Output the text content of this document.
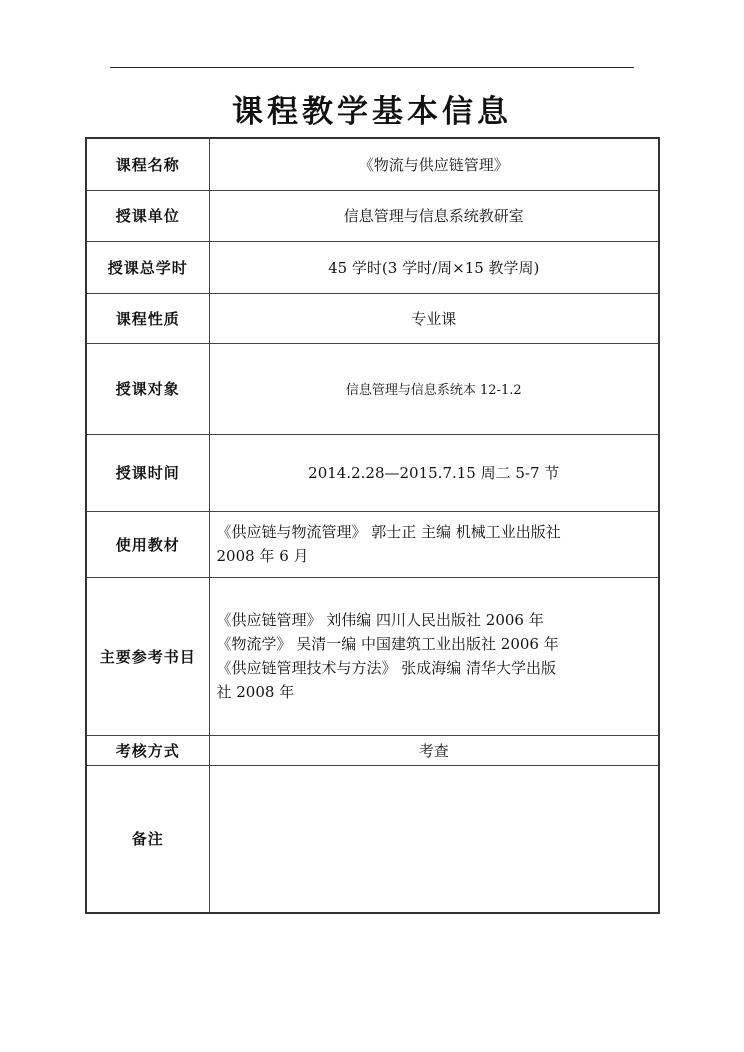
课程教学基本信息
课程名称	《物流与供应链管理》
授课单位	信息管理与信息系统教研室
授课总学时	45 学时(3 学时/周×15 教学周)
课程性质	专业课
授课对象	信息管理与信息系统本 12-1.2
授课时间	2014.2.28—2015.7.15 周二 5-7 节
使用教材	《供应链与物流管理》 郭士正 主编 机械工业出版社
2008 年 6 月

主要参考书目	《供应链管理》 刘伟编 四川人民出版社 2006 年
《物流学》 吴清一编 中国建筑工业出版社 2006 年
《供应链管理技术与方法》 张成海编 清华大学出版
社 2008 年

考核方式	考查
备注	
